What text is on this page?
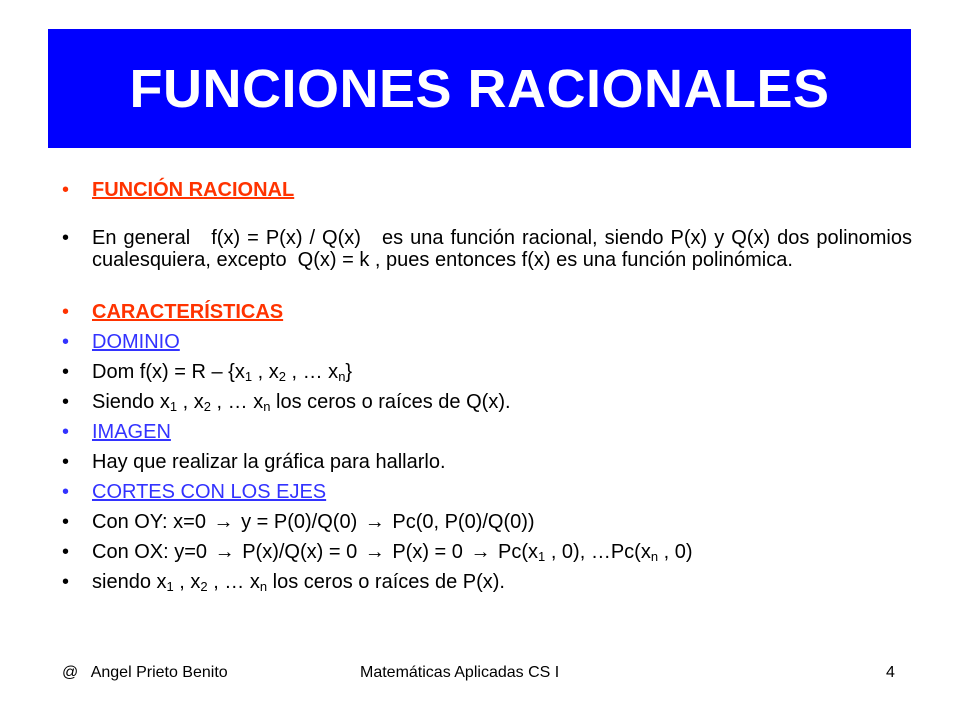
FUNCIONES RACIONALES
• FUNCIÓN RACIONAL
• En general   f(x) = P(x) / Q(x)   es una función racional, siendo P(x) y Q(x) dos polinomios cualesquiera, excepto  Q(x) = k , pues entonces f(x) es una función polinómica.
• CARACTERÍSTICAS
• DOMINIO
• Dom $f(x) = R - \{x_1$ , $x_2$ , … $x_n$}
• Siendo $x_1$ , $x_2$ , … $x_n$ los ceros o raíces de Q(x).
• IMAGEN
• Hay que realizar la gráfica para hallarlo.
• CORTES CON LOS EJES
• Con OY: x=0 → y = P(0)/Q(0) → Pc(0, P(0)/Q(0))
• Con OX: $y=0 \to P(x)/Q(x) = 0 \to P(x) = 0 \to Pc(x_1$ , 0), $\dots Pc(x_n$ , 0)
• siendo $x_1$ , $x_2$ , … $x_n$ los ceros o raíces de P(x).
@   Angel Prieto Benito	Matemáticas Aplicadas CS I	4
